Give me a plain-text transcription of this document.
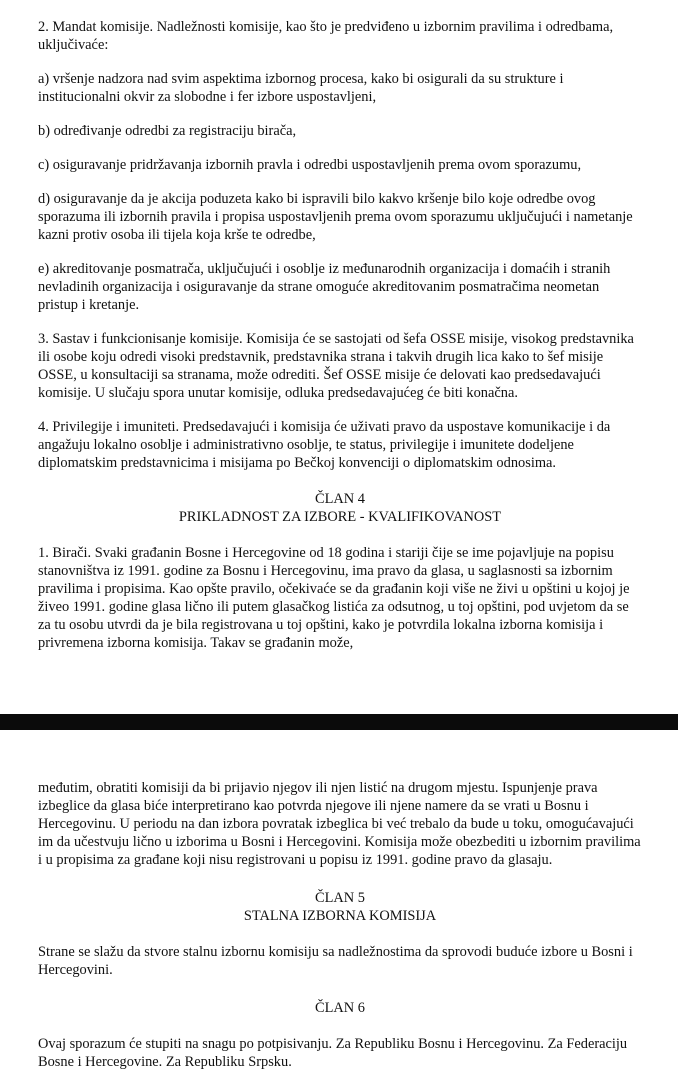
2. Mandat komisije. Nadležnosti komisije, kao što je predviđeno u izbornim pravilima i odredbama, uključivaće:

a) vršenje nadzora nad svim aspektima izbornog procesa, kako bi osigurali da su strukture i institucionalni okvir za slobodne i fer izbore uspostavljeni,

b) određivanje odredbi za registraciju birača,

c) osiguravanje pridržavanja izbornih pravla i odredbi uspostavljenih prema ovom sporazumu,

d) osiguravanje da je akcija poduzeta kako bi ispravili bilo kakvo kršenje bilo koje odredbe ovog sporazuma ili izbornih pravila i propisa uspostavljenih prema ovom sporazumu uključujući i nametanje kazni protiv osoba ili tijela koja krše te odredbe,

e) akreditovanje posmatrača, uključujući i osoblje iz međunarodnih organizacija i domaćih i stranih nevladinih organizacija i osiguravanje da strane omoguće akreditovanim posmatračima neometan pristup i kretanje.

3. Sastav i funkcionisanje komisije. Komisija će se sastojati od šefa OSSE misije, visokog predstavnika ili osobe koju odredi visoki predstavnik, predstavnika strana i takvih drugih lica kako to šef misije OSSE, u konsultaciji sa stranama, može odrediti. Šef OSSE misije će delovati kao predsedavajući komisije. U slučaju spora unutar komisije, odluka predsedavajućeg će biti konačna.

4. Privilegije i imuniteti. Predsedavajući i komisija će uživati pravo da uspostave komunikacije i da angažuju lokalno osoblje i administrativno osoblje, te status, privilegije i imunitete dodeljene diplomatskim predstavnicima i misijama po Bečkoj konvenciji o diplomatskim odnosima.

ČLAN 4

PRIKLADNOST ZA IZBORE - KVALIFIKOVANOST

1. Birači. Svaki građanin Bosne i Hercegovine od 18 godina i stariji čije se ime pojavljuje na popisu stanovništva iz 1991. godine za Bosnu i Hercegovinu, ima pravo da glasa, u saglasnosti sa izbornim pravilima i propisima. Kao opšte pravilo, očekivaće se da građanin koji više ne živi u opštini u kojoj je živeo 1991. godine glasa lično ili putem glasačkog listića za odsutnog, u toj opštini, pod uvjetom da se za tu osobu utvrdi da je bila registrovana u toj opštini, kako je potvrdila lokalna izborna komisija i privremena izborna komisija. Takav se građanin može,

međutim, obratiti komisiji da bi prijavio njegov ili njen listić na drugom mjestu. Ispunjenje prava izbeglice da glasa biće interpretirano kao potvrda njegove ili njene namere da se vrati u Bosnu i Hercegovinu. U periodu na dan izbora povratak izbeglica bi već trebalo da bude u toku, omogućavajući im da učestvuju lično u izborima u Bosni i Hercegovini. Komisija može obezbediti u izbornim pravilima i u propisima za građane koji nisu registrovani u popisu iz 1991. godine pravo da glasaju.

ČLAN 5

STALNA IZBORNA KOMISIJA

Strane se slažu da stvore stalnu izbornu komisiju sa nadležnostima da sprovodi buduće izbore u Bosni i Hercegovini.

ČLAN 6

Ovaj sporazum će stupiti na snagu po potpisivanju. Za Republiku Bosnu i Hercegovinu. Za Federaciju Bosne i Hercegovine. Za Republiku Srpsku.
